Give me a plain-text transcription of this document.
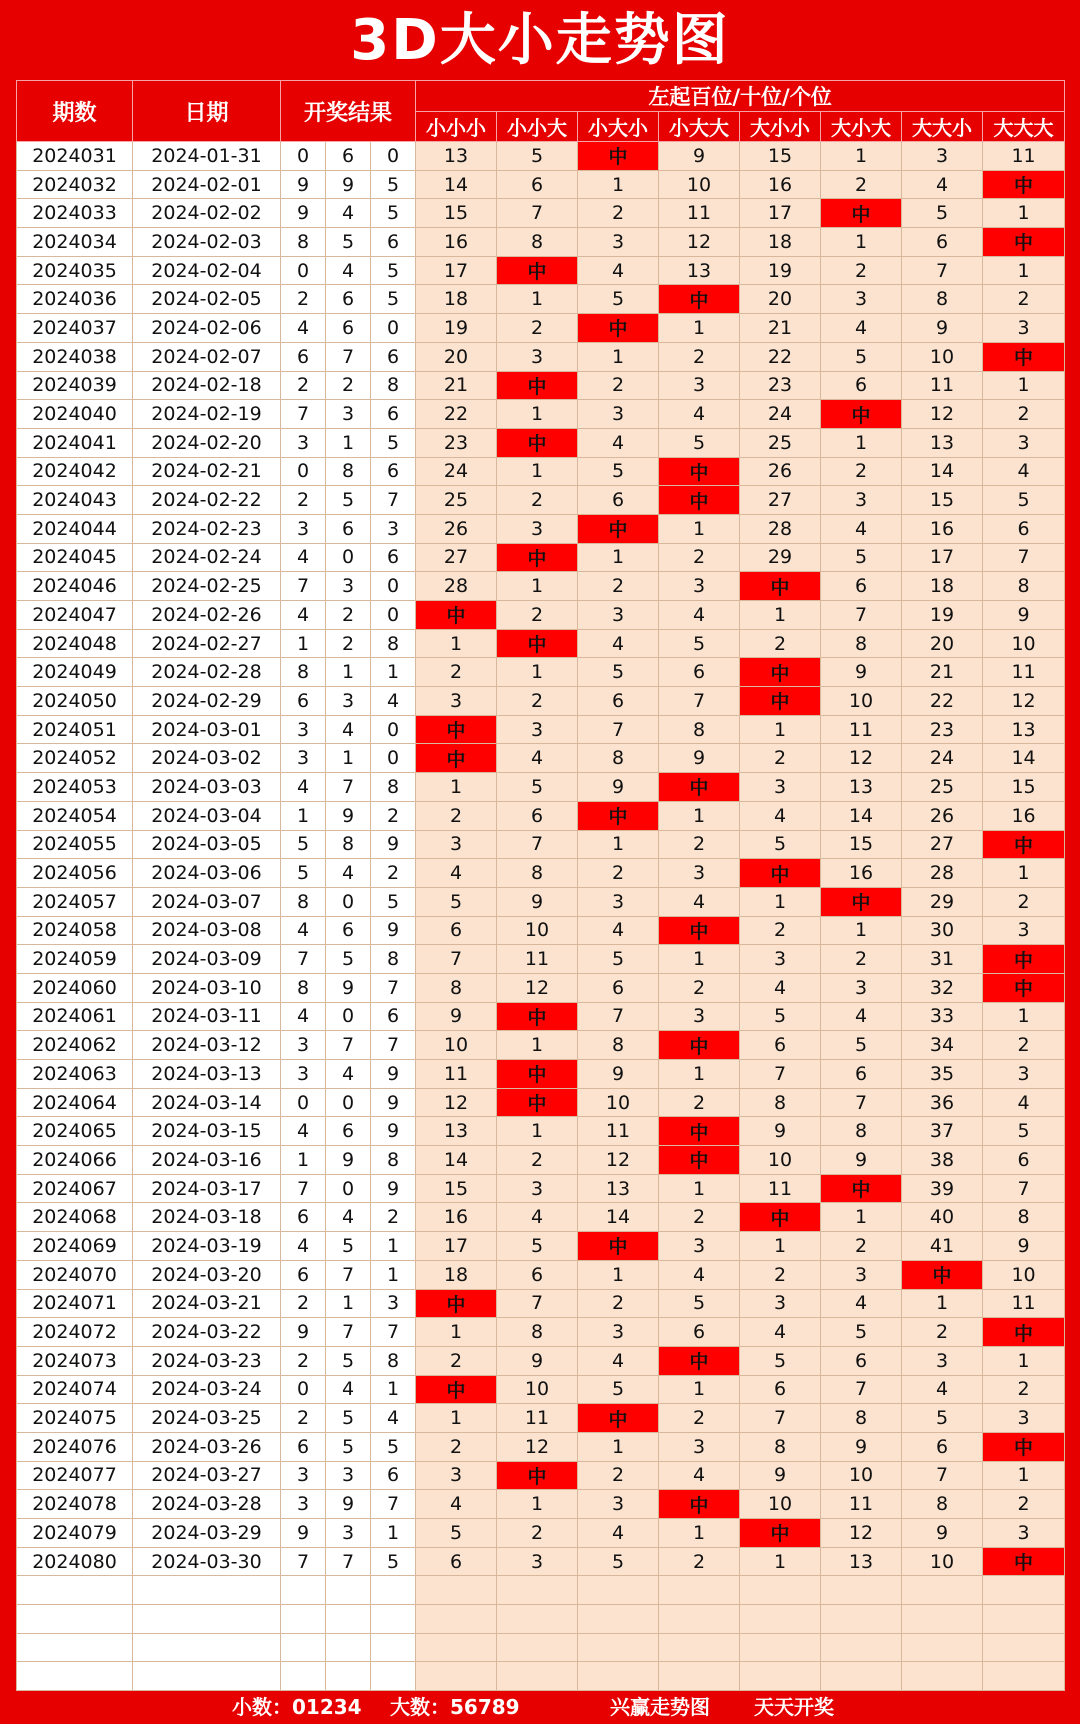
3D大小走势图
期数	日期	开奖结果			左起百位/十位/个位							
					小小小	小小大	小大小	小大大	大小小	大小大	大大小	大大大
2024031	2024-01-31	0	6	0	13	5	中	9	15	1	3	11
2024032	2024-02-01	9	9	5	14	6	1	10	16	2	4	中
2024033	2024-02-02	9	4	5	15	7	2	11	17	中	5	1
2024034	2024-02-03	8	5	6	16	8	3	12	18	1	6	中
2024035	2024-02-04	0	4	5	17	中	4	13	19	2	7	1
2024036	2024-02-05	2	6	5	18	1	5	中	20	3	8	2
2024037	2024-02-06	4	6	0	19	2	中	1	21	4	9	3
2024038	2024-02-07	6	7	6	20	3	1	2	22	5	10	中
2024039	2024-02-18	2	2	8	21	中	2	3	23	6	11	1
2024040	2024-02-19	7	3	6	22	1	3	4	24	中	12	2
2024041	2024-02-20	3	1	5	23	中	4	5	25	1	13	3
2024042	2024-02-21	0	8	6	24	1	5	中	26	2	14	4
2024043	2024-02-22	2	5	7	25	2	6	中	27	3	15	5
2024044	2024-02-23	3	6	3	26	3	中	1	28	4	16	6
2024045	2024-02-24	4	0	6	27	中	1	2	29	5	17	7
2024046	2024-02-25	7	3	0	28	1	2	3	中	6	18	8
2024047	2024-02-26	4	2	0	中	2	3	4	1	7	19	9
2024048	2024-02-27	1	2	8	1	中	4	5	2	8	20	10
2024049	2024-02-28	8	1	1	2	1	5	6	中	9	21	11
2024050	2024-02-29	6	3	4	3	2	6	7	中	10	22	12
2024051	2024-03-01	3	4	0	中	3	7	8	1	11	23	13
2024052	2024-03-02	3	1	0	中	4	8	9	2	12	24	14
2024053	2024-03-03	4	7	8	1	5	9	中	3	13	25	15
2024054	2024-03-04	1	9	2	2	6	中	1	4	14	26	16
2024055	2024-03-05	5	8	9	3	7	1	2	5	15	27	中
2024056	2024-03-06	5	4	2	4	8	2	3	中	16	28	1
2024057	2024-03-07	8	0	5	5	9	3	4	1	中	29	2
2024058	2024-03-08	4	6	9	6	10	4	中	2	1	30	3
2024059	2024-03-09	7	5	8	7	11	5	1	3	2	31	中
2024060	2024-03-10	8	9	7	8	12	6	2	4	3	32	中
2024061	2024-03-11	4	0	6	9	中	7	3	5	4	33	1
2024062	2024-03-12	3	7	7	10	1	8	中	6	5	34	2
2024063	2024-03-13	3	4	9	11	中	9	1	7	6	35	3
2024064	2024-03-14	0	0	9	12	中	10	2	8	7	36	4
2024065	2024-03-15	4	6	9	13	1	11	中	9	8	37	5
2024066	2024-03-16	1	9	8	14	2	12	中	10	9	38	6
2024067	2024-03-17	7	0	9	15	3	13	1	11	中	39	7
2024068	2024-03-18	6	4	2	16	4	14	2	中	1	40	8
2024069	2024-03-19	4	5	1	17	5	中	3	1	2	41	9
2024070	2024-03-20	6	7	1	18	6	1	4	2	3	中	10
2024071	2024-03-21	2	1	3	中	7	2	5	3	4	1	11
2024072	2024-03-22	9	7	7	1	8	3	6	4	5	2	中
2024073	2024-03-23	2	5	8	2	9	4	中	5	6	3	1
2024074	2024-03-24	0	4	1	中	10	5	1	6	7	4	2
2024075	2024-03-25	2	5	4	1	11	中	2	7	8	5	3
2024076	2024-03-26	6	5	5	2	12	1	3	8	9	6	中
2024077	2024-03-27	3	3	6	3	中	2	4	9	10	7	1
2024078	2024-03-28	3	9	7	4	1	3	中	10	11	8	2
2024079	2024-03-29	9	3	1	5	2	4	1	中	12	9	3
2024080	2024-03-30	7	7	5	6	3	5	2	1	13	10	中

小数：01234 大数：56789	兴赢走势图 天天开奖
